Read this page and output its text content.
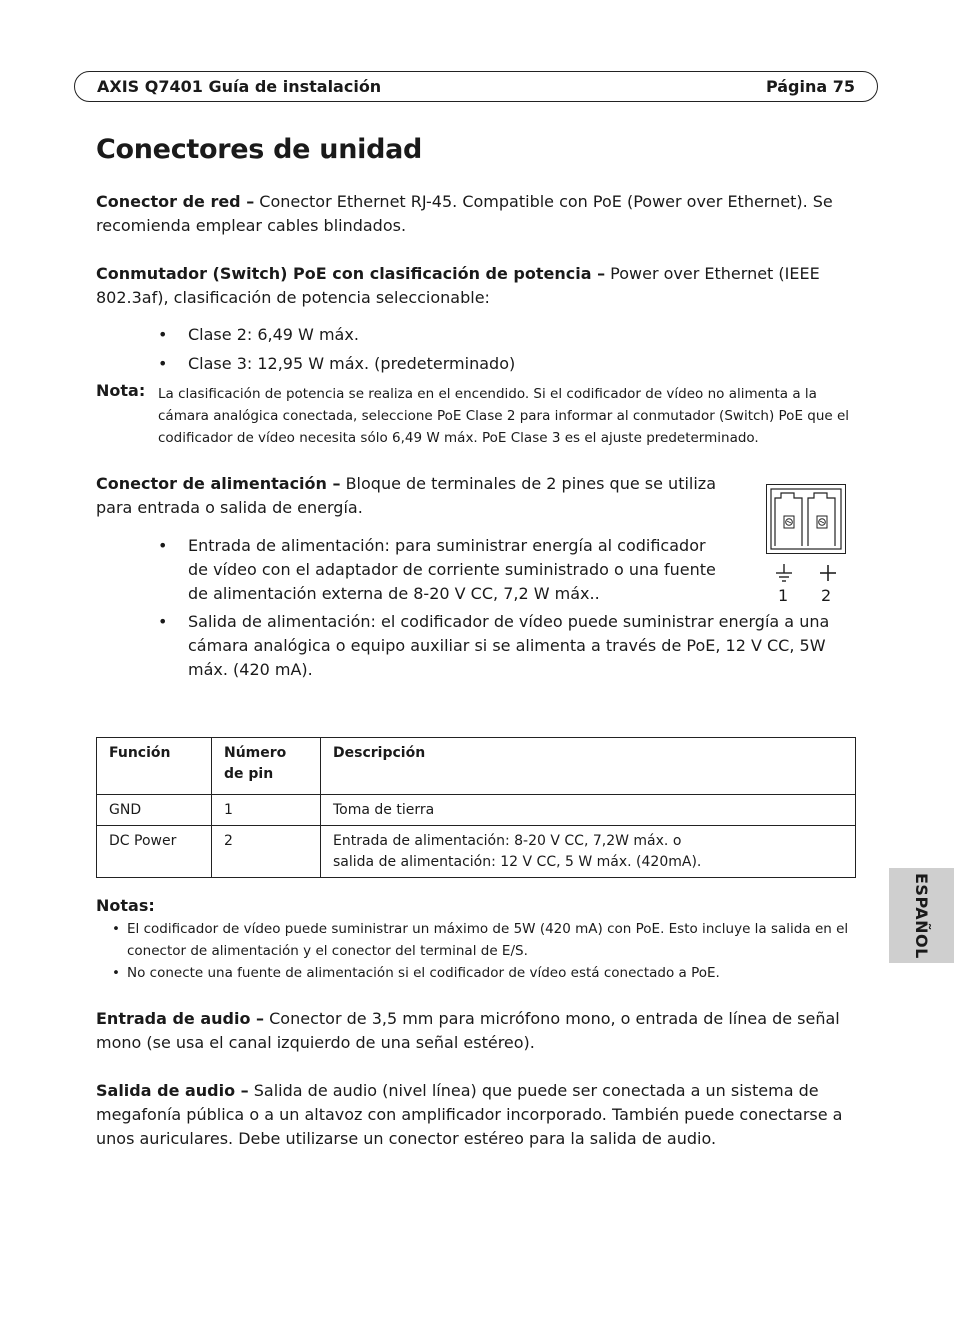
AXIS Q7401 Guía de instalación	Página 75
Conectores de unidad

Conector de red – Conector Ethernet RJ-45. Compatible con PoE (Power over Ethernet). Se recomienda emplear cables blindados.

Conmutador (Switch) PoE con clasificación de potencia – Power over Ethernet (IEEE 802.3af), clasificación de potencia seleccionable:

• Clase 2: 6,49 W máx.
• Clase 3: 12,95 W máx. (predeterminado)
Nota: La clasificación de potencia se realiza en el encendido. Si el codificador de vídeo no alimenta a la cámara analógica conectada, seleccione PoE Clase 2 para informar al conmutador (Switch) PoE que el codificador de vídeo necesita sólo 6,49 W máx. PoE Clase 3 es el ajuste predeterminado.

Conector de alimentación – Bloque de terminales de 2 pines que se utiliza para entrada o salida de energía.

• Entrada de alimentación: para suministrar energía al codificador de vídeo con el adaptador de corriente suministrado o una fuente de alimentación externa de 8-20 V CC, 7,2 W máx..
• Salida de alimentación: el codificador de vídeo puede suministrar energía a una cámara analógica o equipo auxiliar si se alimenta a través de PoE, 12 V CC, 5W máx. (420 mA).
1 2
Función	Número de pin	Descripción
GND	1	Toma de tierra
DC Power	2	Entrada de alimentación: 8-20 V CC, 7,2W máx. o
salida de alimentación: 12 V CC, 5 W máx. (420mA).
Notas:
• El codificador de vídeo puede suministrar un máximo de 5W (420 mA) con PoE. Esto incluye la salida en el conector de alimentación y el conector del terminal de E/S.
• No conecte una fuente de alimentación si el codificador de vídeo está conectado a PoE.

Entrada de audio – Conector de 3,5 mm para micrófono mono, o entrada de línea de señal mono (se usa el canal izquierdo de una señal estéreo).

Salida de audio – Salida de audio (nivel línea) que puede ser conectada a un sistema de megafonía pública o a un altavoz con amplificador incorporado. También puede conectarse a unos auriculares. Debe utilizarse un conector estéreo para la salida de audio.

ESPAÑOL
